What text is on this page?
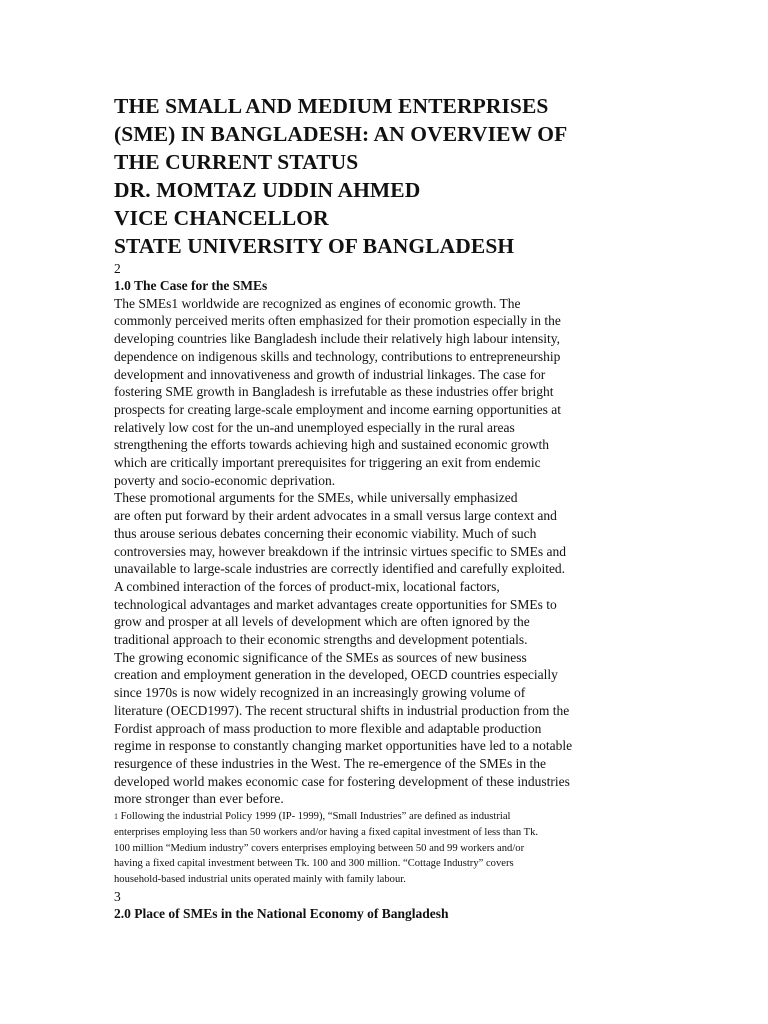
THE SMALL AND MEDIUM ENTERPRISES
(SME) IN BANGLADESH: AN OVERVIEW OF
THE CURRENT STATUS
DR. MOMTAZ UDDIN AHMED
VICE CHANCELLOR
STATE UNIVERSITY OF BANGLADESH
2
1.0 The Case for the SMEs

The SMEs1 worldwide are recognized as engines of economic growth. The
commonly perceived merits often emphasized for their promotion especially in the
developing countries like Bangladesh include their relatively high labour intensity,
dependence on indigenous skills and technology, contributions to entrepreneurship
development and innovativeness and growth of industrial linkages. The case for
fostering SME growth in Bangladesh is irrefutable as these industries offer bright
prospects for creating large-scale employment and income earning opportunities at
relatively low cost for the un-and unemployed especially in the rural areas
strengthening the efforts towards achieving high and sustained economic growth
which are critically important prerequisites for triggering an exit from endemic
poverty and socio-economic deprivation.

These promotional arguments for the SMEs, while universally emphasized
are often put forward by their ardent advocates in a small versus large context and
thus arouse serious debates concerning their economic viability. Much of such
controversies may, however breakdown if the intrinsic virtues specific to SMEs and
unavailable to large-scale industries are correctly identified and carefully exploited.
A combined interaction of the forces of product-mix, locational factors,
technological advantages and market advantages create opportunities for SMEs to
grow and prosper at all levels of development which are often ignored by the
traditional approach to their economic strengths and development potentials.

The growing economic significance of the SMEs as sources of new business
creation and employment generation in the developed, OECD countries especially
since 1970s is now widely recognized in an increasingly growing volume of
literature (OECD1997). The recent structural shifts in industrial production from the
Fordist approach of mass production to more flexible and adaptable production
regime in response to constantly changing market opportunities have led to a notable
resurgence of these industries in the West. The re-emergence of the SMEs in the
developed world makes economic case for fostering development of these industries
more stronger than ever before.

1 Following the industrial Policy 1999 (IP- 1999), “Small Industries” are defined as industrial
enterprises employing less than 50 workers and/or having a fixed capital investment of less than Tk.
100 million “Medium industry” covers enterprises employing between 50 and 99 workers and/or
having a fixed capital investment between Tk. 100 and 300 million. “Cottage Industry” covers
household-based industrial units operated mainly with family labour.

3
2.0 Place of SMEs in the National Economy of Bangladesh
